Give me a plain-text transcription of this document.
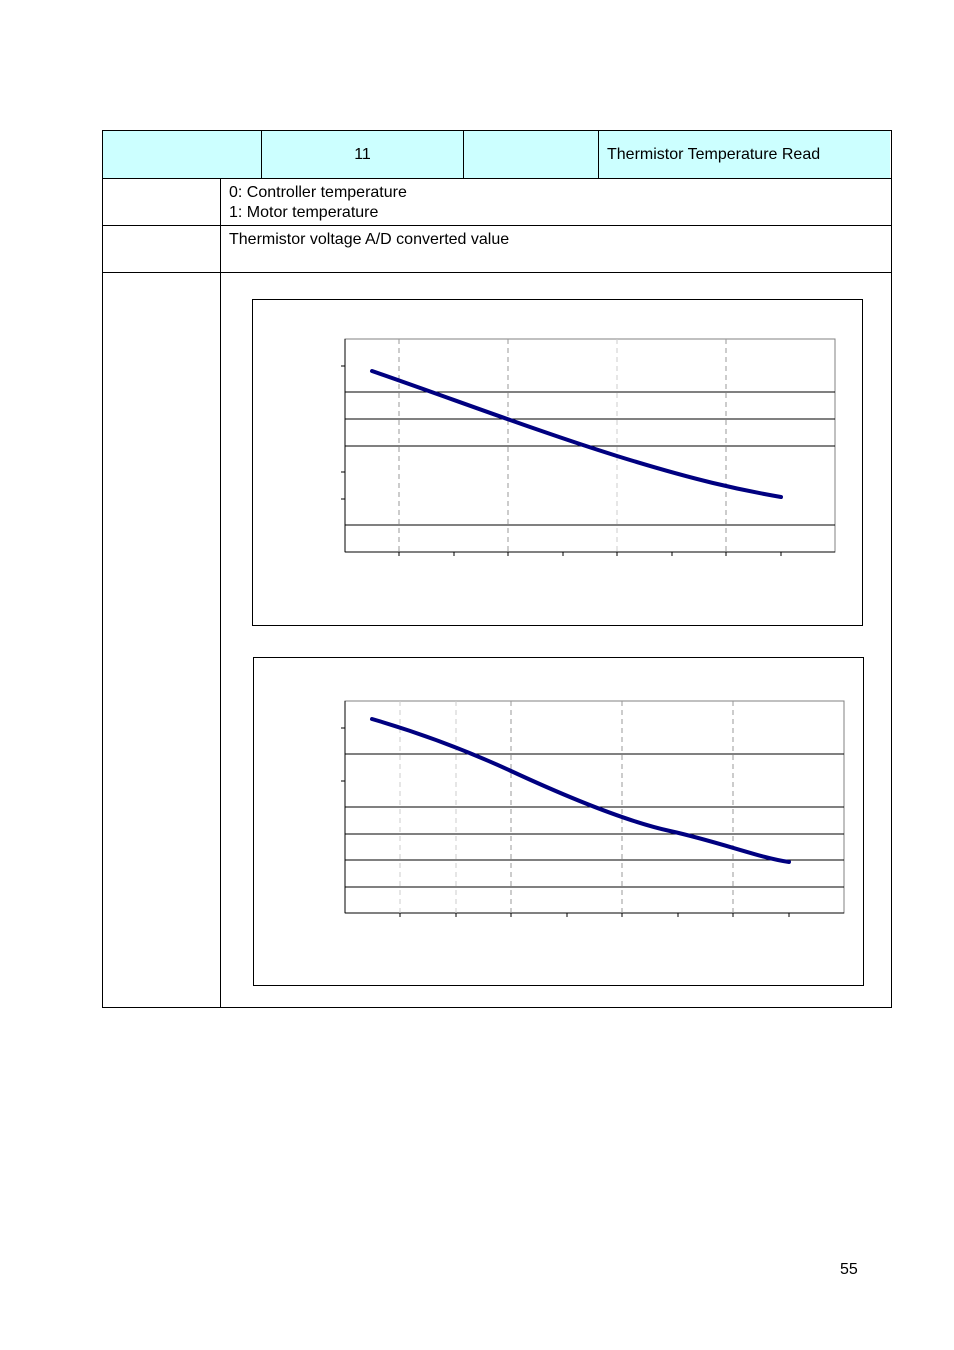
11	Thermistor Temperature Read
0: Controller temperature
1: Motor temperature
Thermistor voltage A/D converted value
55
